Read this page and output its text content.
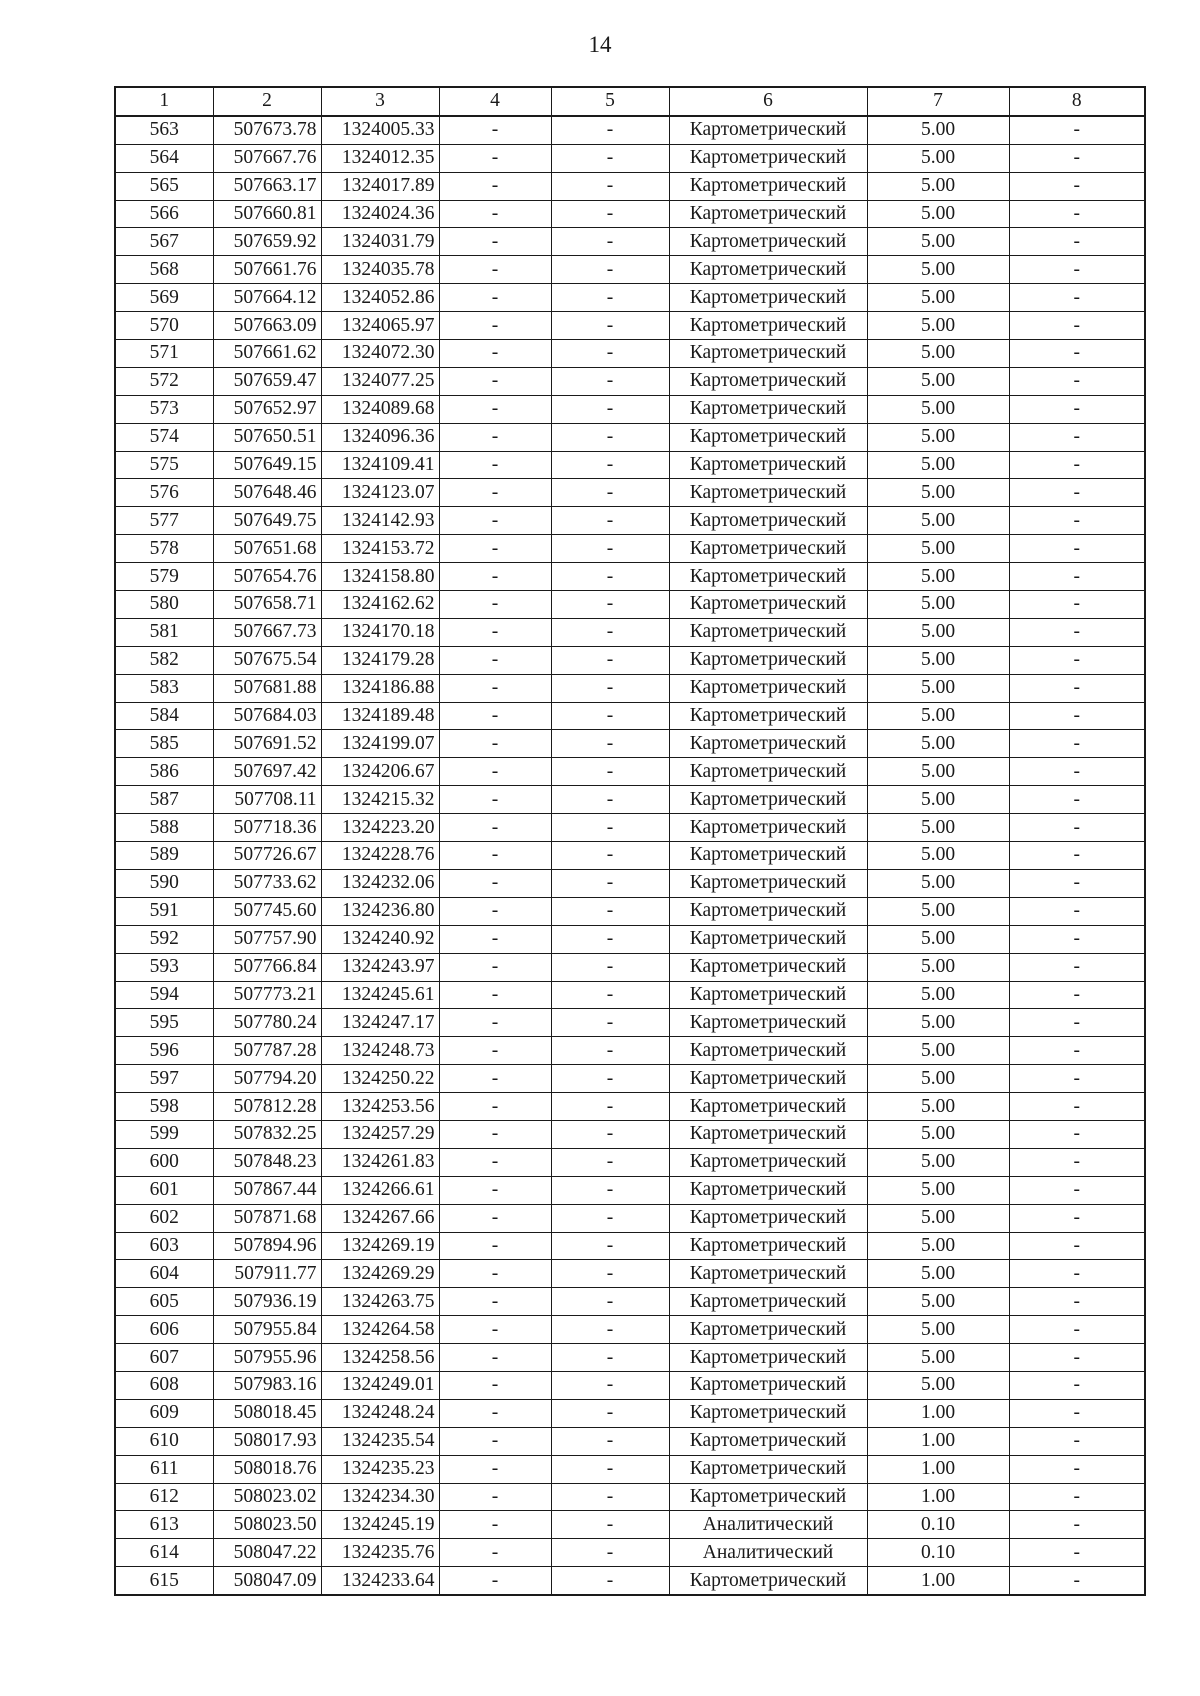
14
1	2	3	4	5	6	7	8
563	507673.78	1324005.33	-	-	Картометрический	5.00	-
564	507667.76	1324012.35	-	-	Картометрический	5.00	-
565	507663.17	1324017.89	-	-	Картометрический	5.00	-
566	507660.81	1324024.36	-	-	Картометрический	5.00	-
567	507659.92	1324031.79	-	-	Картометрический	5.00	-
568	507661.76	1324035.78	-	-	Картометрический	5.00	-
569	507664.12	1324052.86	-	-	Картометрический	5.00	-
570	507663.09	1324065.97	-	-	Картометрический	5.00	-
571	507661.62	1324072.30	-	-	Картометрический	5.00	-
572	507659.47	1324077.25	-	-	Картометрический	5.00	-
573	507652.97	1324089.68	-	-	Картометрический	5.00	-
574	507650.51	1324096.36	-	-	Картометрический	5.00	-
575	507649.15	1324109.41	-	-	Картометрический	5.00	-
576	507648.46	1324123.07	-	-	Картометрический	5.00	-
577	507649.75	1324142.93	-	-	Картометрический	5.00	-
578	507651.68	1324153.72	-	-	Картометрический	5.00	-
579	507654.76	1324158.80	-	-	Картометрический	5.00	-
580	507658.71	1324162.62	-	-	Картометрический	5.00	-
581	507667.73	1324170.18	-	-	Картометрический	5.00	-
582	507675.54	1324179.28	-	-	Картометрический	5.00	-
583	507681.88	1324186.88	-	-	Картометрический	5.00	-
584	507684.03	1324189.48	-	-	Картометрический	5.00	-
585	507691.52	1324199.07	-	-	Картометрический	5.00	-
586	507697.42	1324206.67	-	-	Картометрический	5.00	-
587	507708.11	1324215.32	-	-	Картометрический	5.00	-
588	507718.36	1324223.20	-	-	Картометрический	5.00	-
589	507726.67	1324228.76	-	-	Картометрический	5.00	-
590	507733.62	1324232.06	-	-	Картометрический	5.00	-
591	507745.60	1324236.80	-	-	Картометрический	5.00	-
592	507757.90	1324240.92	-	-	Картометрический	5.00	-
593	507766.84	1324243.97	-	-	Картометрический	5.00	-
594	507773.21	1324245.61	-	-	Картометрический	5.00	-
595	507780.24	1324247.17	-	-	Картометрический	5.00	-
596	507787.28	1324248.73	-	-	Картометрический	5.00	-
597	507794.20	1324250.22	-	-	Картометрический	5.00	-
598	507812.28	1324253.56	-	-	Картометрический	5.00	-
599	507832.25	1324257.29	-	-	Картометрический	5.00	-
600	507848.23	1324261.83	-	-	Картометрический	5.00	-
601	507867.44	1324266.61	-	-	Картометрический	5.00	-
602	507871.68	1324267.66	-	-	Картометрический	5.00	-
603	507894.96	1324269.19	-	-	Картометрический	5.00	-
604	507911.77	1324269.29	-	-	Картометрический	5.00	-
605	507936.19	1324263.75	-	-	Картометрический	5.00	-
606	507955.84	1324264.58	-	-	Картометрический	5.00	-
607	507955.96	1324258.56	-	-	Картометрический	5.00	-
608	507983.16	1324249.01	-	-	Картометрический	5.00	-
609	508018.45	1324248.24	-	-	Картометрический	1.00	-
610	508017.93	1324235.54	-	-	Картометрический	1.00	-
611	508018.76	1324235.23	-	-	Картометрический	1.00	-
612	508023.02	1324234.30	-	-	Картометрический	1.00	-
613	508023.50	1324245.19	-	-	Аналитический	0.10	-
614	508047.22	1324235.76	-	-	Аналитический	0.10	-
615	508047.09	1324233.64	-	-	Картометрический	1.00	-
